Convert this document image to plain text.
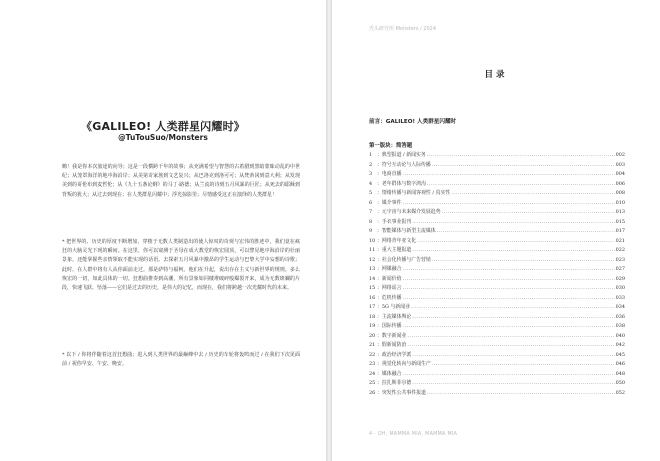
《GALILEO! 人类群星闪耀时》
@TuTouSuo/Monsters

嗨！我是你本次旅途的向导；这是一段横跨千年的故事；从充满希望与智慧的古希腊到黑暗蒙昧动乱的中世纪；从笼罩海洋的地中海沿岸；从美第奇家族到文艺复兴；从巴洛克到洛可可；从梵蒂冈到意大利；从发现美到的哥伦布到麦哲伦；从《九十五条论纲》的马丁·路德；从兰流的诗到五月风暴的巨匠；从死去的耶稣到背叛的犹大；从过去到现在；在人类群星闪耀中；浮光掠影里；尽情感受这正在演绎的人类群星！

* 把世界的、历史的厚度不断增加，穿梭于无数人类制造出的使人惊叹的奇观与宏伟的胜迹中，我们竟在疯狂的大脑灵光下现的瞬间。在这里，你可以窥测于圣母在成大教堂的恢宏圆顶，可以譬见地中海沿岸的壮丽景象，还能掌握些亲情领取不能实现的话语。去探索五月风暴中激昂的学生运动与巴黎大学中妄想的诗歌；此时，在人群中将有人从你面前走过。那是萨特与福柯。他们在升起，说出存在主义与新世界的规则。多么恢宏的一切，如此具体的一切。狂想曲推奏到高潮，所有景象如同楼堆破碎般爆裂开来，成为无数斑斓的片段，快速飞跃、坠落——它们是过去的历史，是伟大的记忆，而现在，我们将跨越一次光耀时代的未来。

* 以下 / 你将伴随着这首狂想曲；进入到人类世界的最巅峰中去 / 历史的车轮将轰鸣而过 / 在我们下次见面前 / 祝你早安、午安、晚安。

秃头研究所 Monsters / 2024
目录
前言：GALILEO! 人类群星闪耀时
第一版块：简答题
1 ：典型报道 / 新闻实务 .....	002
2 ：符号互动论与人际传播 .....	003
3 ：电商直播 .....	004
4 ：老年群体与数字鸿沟 .....	006
5 ：情绪传播与新闻客观性 / 真实性 .....	008
6 ：媒介事件 .....	010
7 ：元宇宙与未来媒介发展趋势 .....	013
8 ：手衣事业报刊 .....	015
9 ：智能媒体与新型主流媒体 .....	017
10 ：网络青年亚文化 .....	021
11 ：重大主题报道 .....	022
12 ：社会化传播与广告营销 .....	023
13 ：网媒融合 .....	027
14 ：新闻价值 .....	029
15 ：网络谣言 .....	030
16 ：危机传播 .....	033
17 ：5G 与新闻业 .....	034
18 ：主流媒体舆论 .....	036
19 ：国际传播 .....	038
20 ：数字新闻业 .....	040
21 ：假新闻防治 .....	042
22 ：政治经济学派 .....	045
23 ：视觉化转向与新闻生产 .....	046
24 ：媒体融合 .....	048
25 ：拉扎斯菲尔德 .....	050
26 ：突发性公共事件报道 .....	052
4 · OH, MAMMA MIA, MAMMA MIA
